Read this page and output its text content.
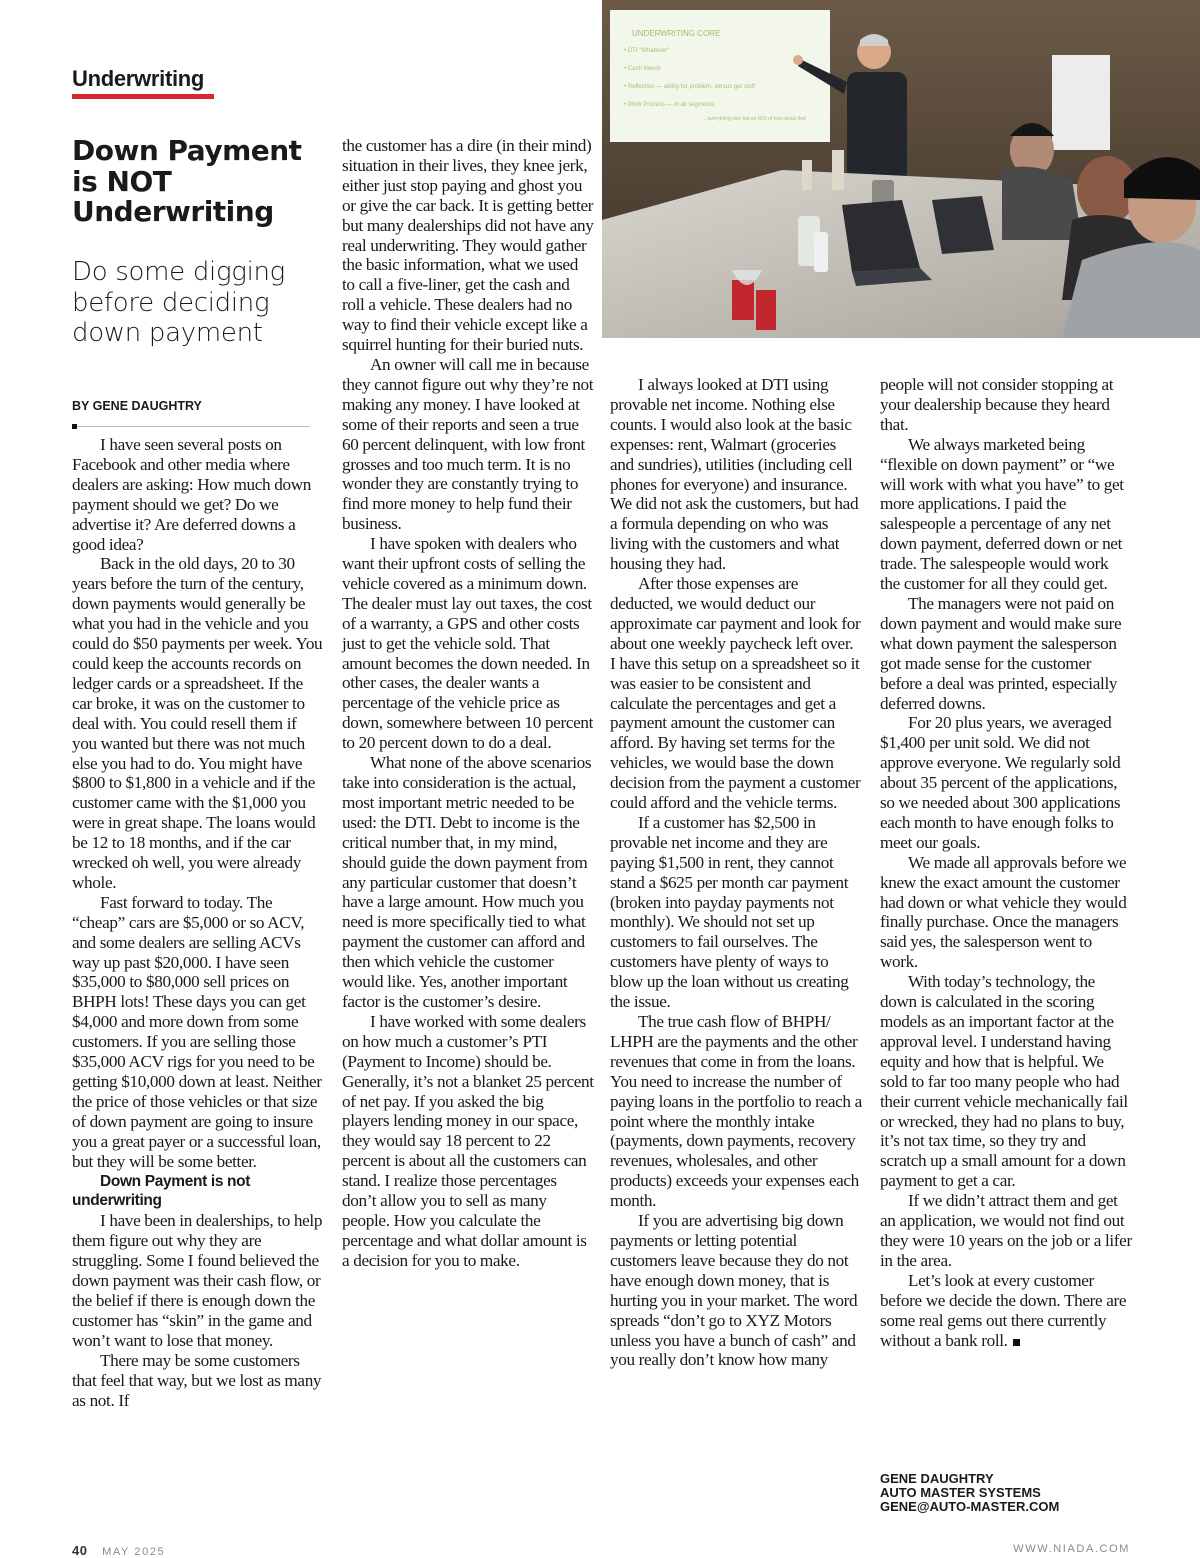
Underwriting
Down Payment is NOT Underwriting
Do some digging before deciding down payment
BY GENE DAUGHTRY
UNDERWRITING CORE
• DTI "Whatever"
• Cash Needs
• Reflection — ability for problem, versus get stuff
• Work Process — in all segments
... everything else but an ROI of how deals find

I have seen several posts on Facebook and other media where dealers are asking: How much down payment should we get? Do we advertise it? Are deferred downs a good idea?

Back in the old days, 20 to 30 years before the turn of the century, down payments would generally be what you had in the vehicle and you could do $50 payments per week. You could keep the accounts records on ledger cards or a spreadsheet. If the car broke, it was on the customer to deal with. You could resell them if you wanted but there was not much else you had to do. You might have $800 to $1,800 in a vehicle and if the customer came with the $1,000 you were in great shape. The loans would be 12 to 18 months, and if the car wrecked oh well, you were already whole.

Fast forward to today. The “cheap” cars are $5,000 or so ACV, and some dealers are selling ACVs way up past $20,000. I have seen $35,000 to $80,000 sell prices on BHPH lots! These days you can get $4,000 and more down from some customers. If you are selling those $35,000 ACV rigs for you need to be getting $10,000 down at least. Neither the price of those vehicles or that size of down payment are going to insure you a great payer or a successful loan, but they will be some better.

Down Payment is not underwriting

I have been in dealerships, to help them figure out why they are struggling. Some I found believed the down payment was their cash flow, or the belief if there is enough down the customer has “skin” in the game and won’t want to lose that money.

There may be some customers that feel that way, but we lost as many as not. If

the customer has a dire (in their mind) situation in their lives, they knee jerk, either just stop paying and ghost you or give the car back. It is getting better but many dealerships did not have any real underwriting. They would gather the basic information, what we used to call a five-liner, get the cash and roll a vehicle. These dealers had no way to find their vehicle except like a squirrel hunting for their buried nuts.

An owner will call me in because they cannot figure out why they’re not making any money. I have looked at some of their reports and seen a true 60 percent delinquent, with low front grosses and too much term. It is no wonder they are constantly trying to find more money to help fund their business.

I have spoken with dealers who want their upfront costs of selling the vehicle covered as a minimum down. The dealer must lay out taxes, the cost of a warranty, a GPS and other costs just to get the vehicle sold. That amount becomes the down needed. In other cases, the dealer wants a percentage of the vehicle price as down, somewhere between 10 percent to 20 percent down to do a deal.

What none of the above scenarios take into consideration is the actual, most important metric needed to be used: the DTI. Debt to income is the critical number that, in my mind, should guide the down payment from any particular customer that doesn’t have a large amount. How much you need is more specifically tied to what payment the customer can afford and then which vehicle the customer would like. Yes, another important factor is the customer’s desire.

I have worked with some dealers on how much a customer’s PTI (Payment to Income) should be. Generally, it’s not a blanket 25 percent of net pay. If you asked the big players lending money in our space, they would say 18 percent to 22 percent is about all the customers can stand. I realize those percentages don’t allow you to sell as many people. How you calculate the percentage and what dollar amount is a decision for you to make.

I always looked at DTI using provable net income. Nothing else counts. I would also look at the basic expenses: rent, Walmart (groceries and sundries), utilities (including cell phones for everyone) and insurance. We did not ask the customers, but had a formula depending on who was living with the customers and what housing they had.

After those expenses are deducted, we would deduct our approximate car payment and look for about one weekly paycheck left over. I have this setup on a spreadsheet so it was easier to be consistent and calculate the percentages and get a payment amount the customer can afford. By having set terms for the vehicles, we would base the down decision from the payment a customer could afford and the vehicle terms.

If a customer has $2,500 in provable net income and they are paying $1,500 in rent, they cannot stand a $625 per month car payment (broken into payday payments not monthly). We should not set up customers to fail ourselves. The customers have plenty of ways to blow up the loan without us creating the issue.

The true cash flow of BHPH/ LHPH are the payments and the other revenues that come in from the loans. You need to increase the number of paying loans in the portfolio to reach a point where the monthly intake (payments, down payments, recovery revenues, wholesales, and other products) exceeds your expenses each month.

If you are advertising big down payments or letting potential customers leave because they do not have enough down money, that is hurting you in your market. The word spreads “don’t go to XYZ Motors unless you have a bunch of cash” and you really don’t know how many

people will not consider stopping at your dealership because they heard that.

We always marketed being “flexible on down payment” or “we will work with what you have” to get more applications. I paid the salespeople a percentage of any net down payment, deferred down or net trade. The salespeople would work the customer for all they could get.

The managers were not paid on down payment and would make sure what down payment the salesperson got made sense for the customer before a deal was printed, especially deferred downs.

For 20 plus years, we averaged $1,400 per unit sold. We did not approve everyone. We regularly sold about 35 percent of the applications, so we needed about 300 applications each month to have enough folks to meet our goals.

We made all approvals before we knew the exact amount the customer had down or what vehicle they would finally purchase. Once the managers said yes, the salesperson went to work.

With today’s technology, the down is calculated in the scoring models as an important factor at the approval level. I understand having equity and how that is helpful. We sold to far too many people who had their current vehicle mechanically fail or wrecked, they had no plans to buy, it’s not tax time, so they try and scratch up a small amount for a down payment to get a car.

If we didn’t attract them and get an application, we would not find out they were 10 years on the job or a lifer in the area.

Let’s look at every customer before we decide the down. There are some real gems out there currently without a bank roll.

GENE DAUGHTRY
AUTO MASTER SYSTEMS
GENE@AUTO-MASTER.COM
40 MAY 2025	WWW.NIADA.COM
